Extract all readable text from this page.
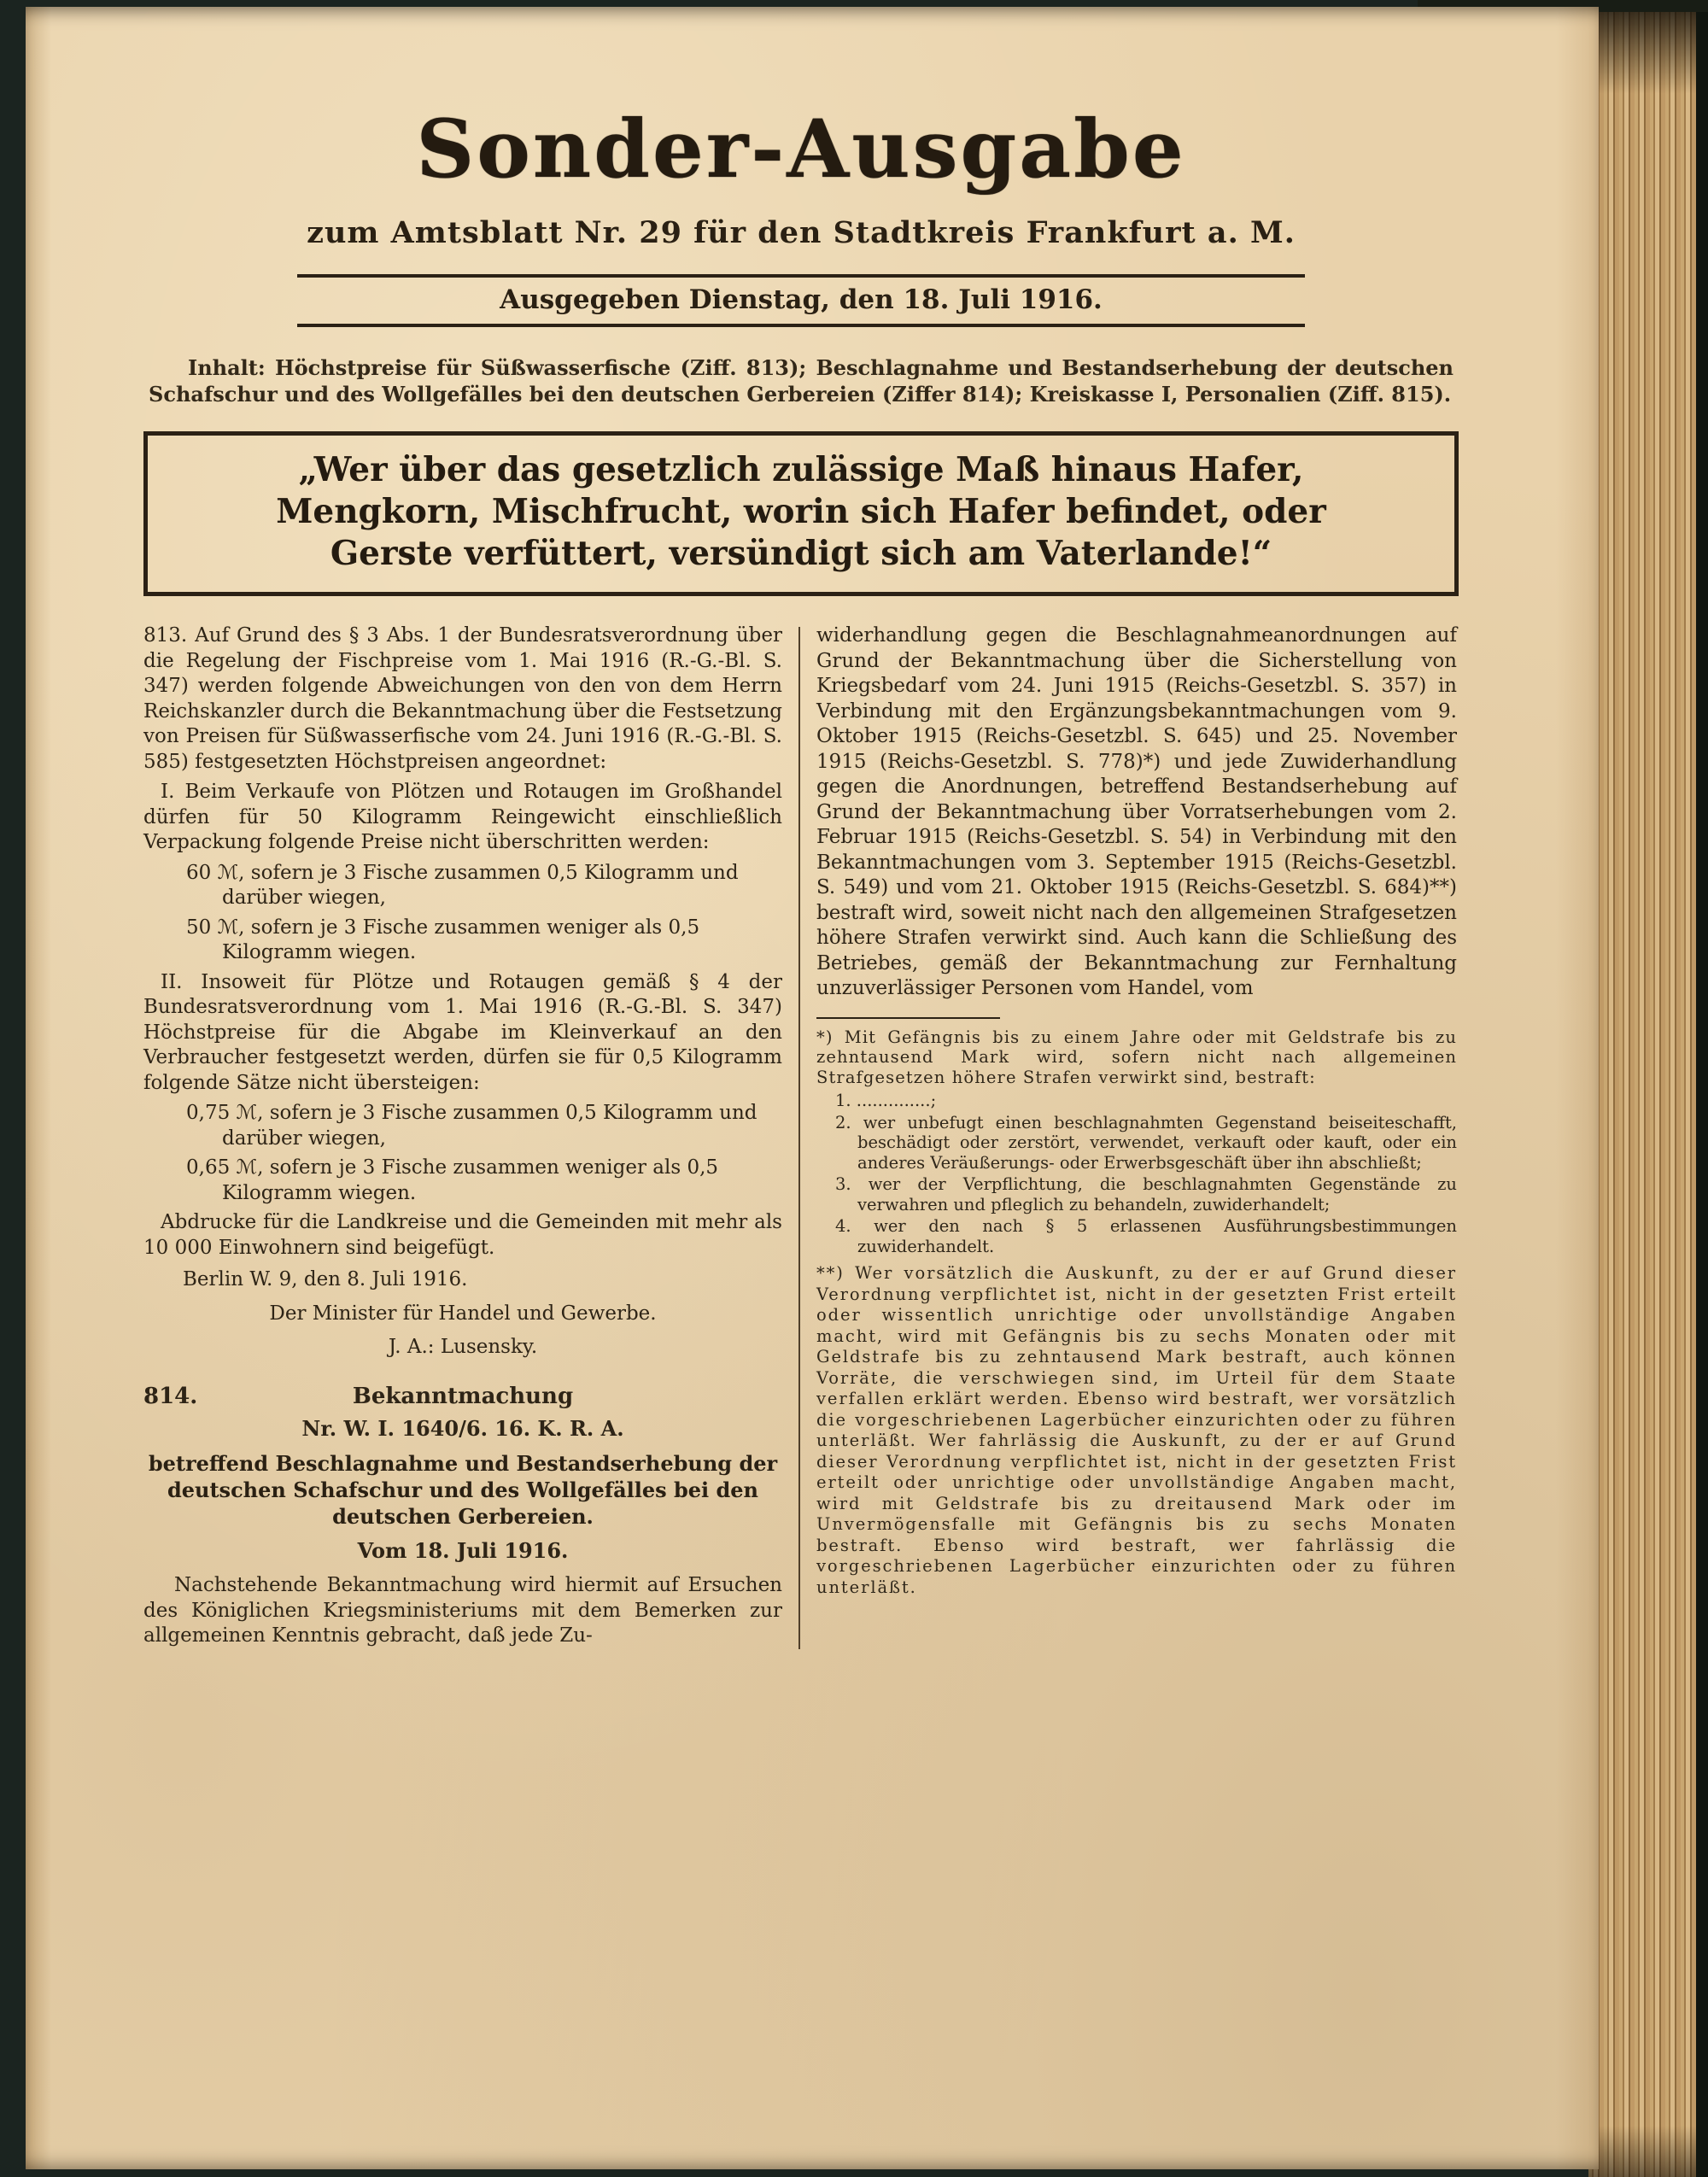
Sonder-Ausgabe
zum Amtsblatt Nr. 29 für den Stadtkreis Frankfurt a. M.
Ausgegeben Dienstag, den 18. Juli 1916.
Inhalt: Höchstpreise für Süßwasserfische (Ziff. 813); Beschlagnahme und Bestandserhebung der deutschen Schafschur und des Wollgefälles bei den deutschen Gerbereien (Ziffer 814); Kreiskasse I, Personalien (Ziff. 815).
„Wer über das gesetzlich zulässige Maß hinaus Hafer,
Mengkorn, Mischfrucht, worin sich Hafer befindet, oder
Gerste verfüttert, versündigt sich am Vaterlande!“
813. Auf Grund des § 3 Abs. 1 der Bundesratsverordnung über die Regelung der Fischpreise vom 1. Mai 1916 (R.-G.-Bl. S. 347) werden folgende Abweichungen von den von dem Herrn Reichskanzler durch die Bekanntmachung über die Festsetzung von Preisen für Süßwasserfische vom 24. Juni 1916 (R.-G.-Bl. S. 585) festgesetzten Höchstpreisen angeordnet:
I. Beim Verkaufe von Plötzen und Rotaugen im Großhandel dürfen für 50 Kilogramm Reingewicht einschließlich Verpackung folgende Preise nicht überschritten werden:
60 ℳ, sofern je 3 Fische zusammen 0,5 Kilogramm und darüber wiegen,
50 ℳ, sofern je 3 Fische zusammen weniger als 0,5 Kilogramm wiegen.
II. Insoweit für Plötze und Rotaugen gemäß § 4 der Bundesratsverordnung vom 1. Mai 1916 (R.-G.-Bl. S. 347) Höchstpreise für die Abgabe im Kleinverkauf an den Verbraucher festgesetzt werden, dürfen sie für 0,5 Kilogramm folgende Sätze nicht übersteigen:
0,75 ℳ, sofern je 3 Fische zusammen 0,5 Kilogramm und darüber wiegen,
0,65 ℳ, sofern je 3 Fische zusammen weniger als 0,5 Kilogramm wiegen.
Abdrucke für die Landkreise und die Gemeinden mit mehr als 10 000 Einwohnern sind beigefügt.
Berlin W. 9, den 8. Juli 1916.
Der Minister für Handel und Gewerbe.
J. A.: Lusensky.
814.	Bekanntmachung
Nr. W. I. 1640/6. 16. K. R. A.
betreffend Beschlagnahme und Bestandserhebung der deutschen Schafschur und des Wollgefälles bei den deutschen Gerbereien.
Vom 18. Juli 1916.
Nachstehende Bekanntmachung wird hiermit auf Ersuchen des Königlichen Kriegsministeriums mit dem Bemerken zur allgemeinen Kenntnis gebracht, daß jede Zu-
widerhandlung gegen die Beschlagnahmeanordnungen auf Grund der Bekanntmachung über die Sicherstellung von Kriegsbedarf vom 24. Juni 1915 (Reichs-Gesetzbl. S. 357) in Verbindung mit den Ergänzungsbekanntmachungen vom 9. Oktober 1915 (Reichs-Gesetzbl. S. 645) und 25. November 1915 (Reichs-Gesetzbl. S. 778)*) und jede Zuwiderhandlung gegen die Anordnungen, betreffend Bestandserhebung auf Grund der Bekanntmachung über Vorratserhebungen vom 2. Februar 1915 (Reichs-Gesetzbl. S. 54) in Verbindung mit den Bekanntmachungen vom 3. September 1915 (Reichs-Gesetzbl. S. 549) und vom 21. Oktober 1915 (Reichs-Gesetzbl. S. 684)**) bestraft wird, soweit nicht nach den allgemeinen Strafgesetzen höhere Strafen verwirkt sind. Auch kann die Schließung des Betriebes, gemäß der Bekanntmachung zur Fernhaltung unzuverlässiger Personen vom Handel, vom
*) Mit Gefängnis bis zu einem Jahre oder mit Geldstrafe bis zu zehntausend Mark wird, sofern nicht nach allgemeinen Strafgesetzen höhere Strafen verwirkt sind, bestraft:
1. ..............;
2. wer unbefugt einen beschlagnahmten Gegenstand beiseiteschafft, beschädigt oder zerstört, verwendet, verkauft oder kauft, oder ein anderes Veräußerungs- oder Erwerbsgeschäft über ihn abschließt;
3. wer der Verpflichtung, die beschlagnahmten Gegenstände zu verwahren und pfleglich zu behandeln, zuwiderhandelt;
4. wer den nach § 5 erlassenen Ausführungsbestimmungen zuwiderhandelt.
**) Wer vorsätzlich die Auskunft, zu der er auf Grund dieser Verordnung verpflichtet ist, nicht in der gesetzten Frist erteilt oder wissentlich unrichtige oder unvollständige Angaben macht, wird mit Gefängnis bis zu sechs Monaten oder mit Geldstrafe bis zu zehntausend Mark bestraft, auch können Vorräte, die verschwiegen sind, im Urteil für dem Staate verfallen erklärt werden. Ebenso wird bestraft, wer vorsätzlich die vorgeschriebenen Lagerbücher einzurichten oder zu führen unterläßt. Wer fahrlässig die Auskunft, zu der er auf Grund dieser Verordnung verpflichtet ist, nicht in der gesetzten Frist erteilt oder unrichtige oder unvollständige Angaben macht, wird mit Geldstrafe bis zu dreitausend Mark oder im Unvermögensfalle mit Gefängnis bis zu sechs Monaten bestraft. Ebenso wird bestraft, wer fahrlässig die vorgeschriebenen Lagerbücher einzurichten oder zu führen unterläßt.
